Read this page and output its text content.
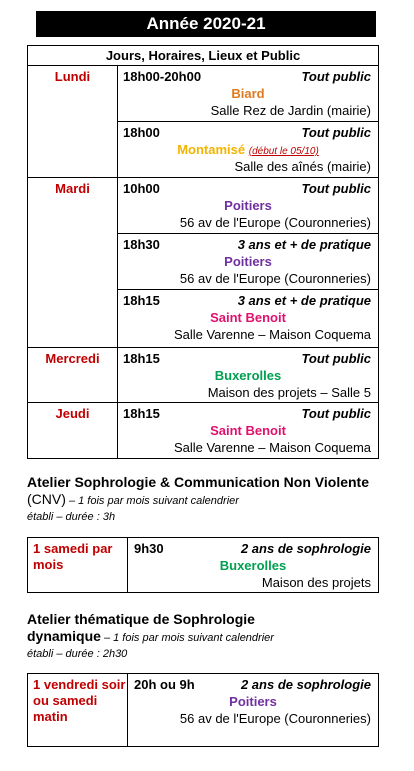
Année 2020-21
Jours, Horaires, Lieux et Public
Lundi	18h00-20h00	Tout public
Biard
Salle Rez de Jardin (mairie)
18h00	Tout public
Montamisé (début le 05/10)
Salle des aînés (mairie)
Mardi	10h00	Tout public
Poitiers
56 av de l'Europe (Couronneries)
18h30	3 ans et + de pratique
Poitiers
56 av de l'Europe (Couronneries)
18h15	3 ans et + de pratique
Saint Benoit
Salle Varenne – Maison Coquema
Mercredi	18h15	Tout public
Buxerolles
Maison des projets – Salle 5
Jeudi	18h15	Tout public
Saint Benoit
Salle Varenne – Maison Coquema
Atelier Sophrologie & Communication Non Violente (CNV) – 1 fois par mois suivant calendrier
établi – durée : 3h
1 samedi par mois
9h30	2 ans de sophrologie
Buxerolles
Maison des projets
Atelier thématique de Sophrologie dynamique – 1 fois par mois suivant calendrier
établi – durée : 2h30
1 vendredi soir ou samedi matin
20h ou 9h	2 ans de sophrologie
Poitiers
56 av de l'Europe (Couronneries)
